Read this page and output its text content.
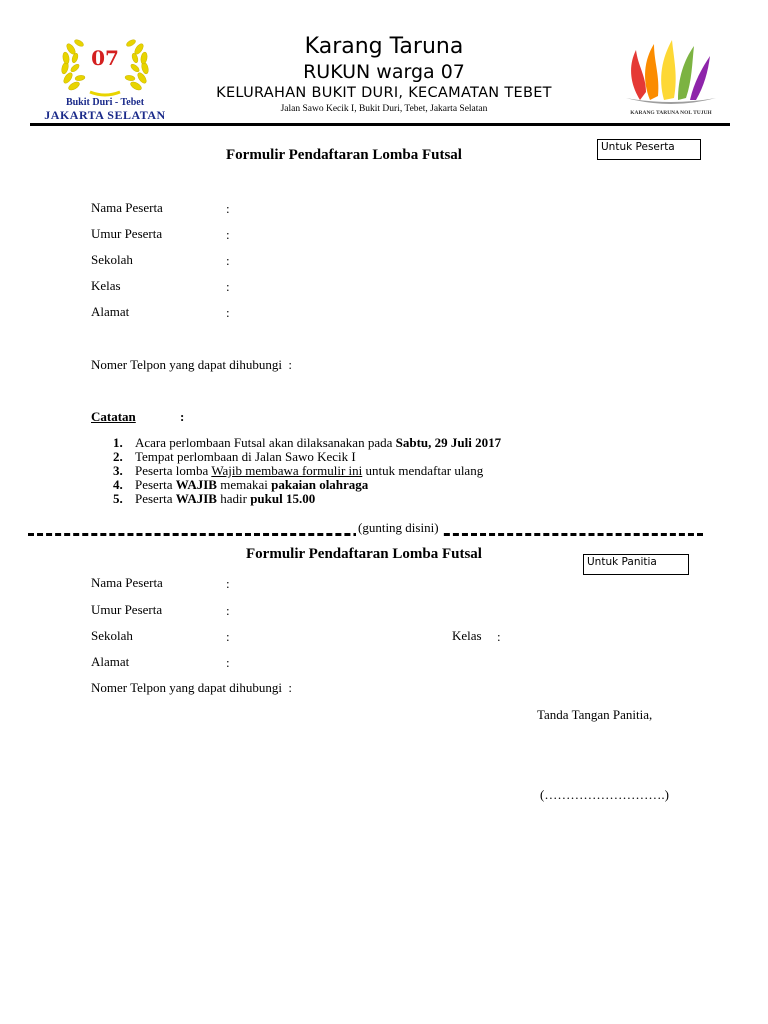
07
Bukit Duri - Tebet
JAKARTA SELATAN
Karang Taruna
RUKUN warga 07
KELURAHAN BUKIT DURI, KECAMATAN TEBET
Jalan Sawo Kecik I, Bukit Duri, Tebet, Jakarta Selatan	KARANG TARUNA NOL TUJUH
Untuk Peserta
Formulir Pendaftaran Lomba Futsal
Nama Peserta	:
Umur Peserta	:
Sekolah	:
Kelas	:
Alamat	:
Nomer Telpon yang dapat dihubungi  :
Catatan	:
1. Acara perlombaan Futsal akan dilaksanakan pada Sabtu, 29 Juli 2017
2. Tempat perlombaan di Jalan Sawo Kecik I
3. Peserta lomba Wajib membawa formulir ini untuk mendaftar ulang
4. Peserta WAJIB memakai pakaian olahraga
5. Peserta WAJIB hadir pukul 15.00
(gunting disini)
Formulir Pendaftaran Lomba Futsal	Untuk Panitia
Nama Peserta	:
Umur Peserta	:
Sekolah	:	Kelas :
Alamat	:
Nomer Telpon yang dapat dihubungi  :
Tanda Tangan Panitia,
(……………………….)
